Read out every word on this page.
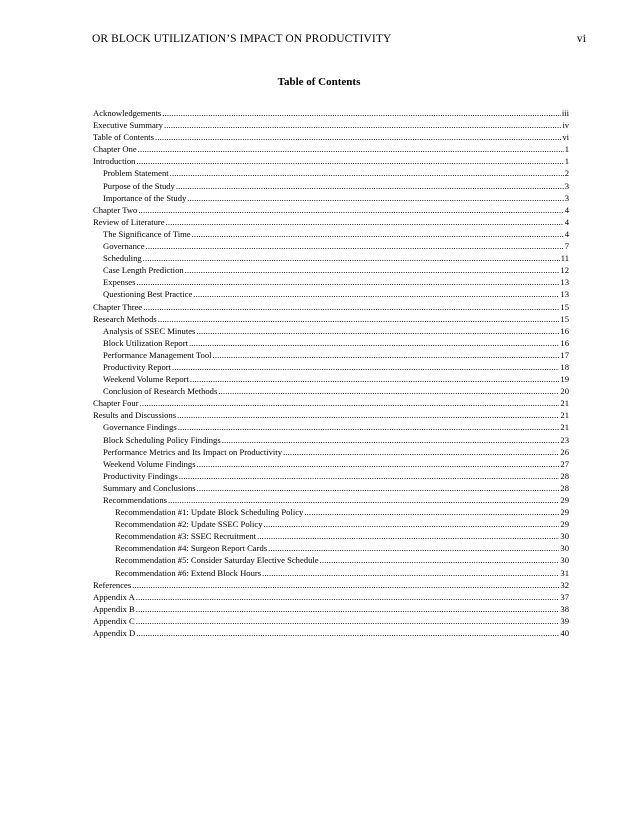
OR BLOCK UTILIZATION’S IMPACT ON PRODUCTIVITY	vi
Table of Contents
Acknowledgements .....	iii
Executive Summary .....	iv
Table of Contents .....	vi
Chapter One .....	1
Introduction .....	1
Problem Statement .....	2
Purpose of the Study .....	3
Importance of the Study .....	3
Chapter Two .....	4
Review of Literature .....	4
The Significance of Time .....	4
Governance .....	7
Scheduling .....	11
Case Length Prediction .....	12
Expenses .....	13
Questioning Best Practice .....	13
Chapter Three .....	15
Research Methods .....	15
Analysis of SSEC Minutes .....	16
Block Utilization Report .....	16
Performance Management Tool .....	17
Productivity Report .....	18
Weekend Volume Report .....	19
Conclusion of Research Methods .....	20
Chapter Four .....	21
Results and Discussions .....	21
Governance Findings .....	21
Block Scheduling Policy Findings .....	23
Performance Metrics and Its Impact on Productivity .....	26
Weekend Volume Findings .....	27
Productivity Findings .....	28
Summary and Conclusions .....	28
Recommendations .....	29
Recommendation #1: Update Block Scheduling Policy .....	29
Recommendation #2: Update SSEC Policy .....	29
Recommendation #3: SSEC Recruitment .....	30
Recommendation #4: Surgeon Report Cards .....	30
Recommendation #5: Consider Saturday Elective Schedule .....	30
Recommendation #6: Extend Block Hours .....	31
References .....	32
Appendix A .....	37
Appendix B .....	38
Appendix C .....	39
Appendix D .....	40
